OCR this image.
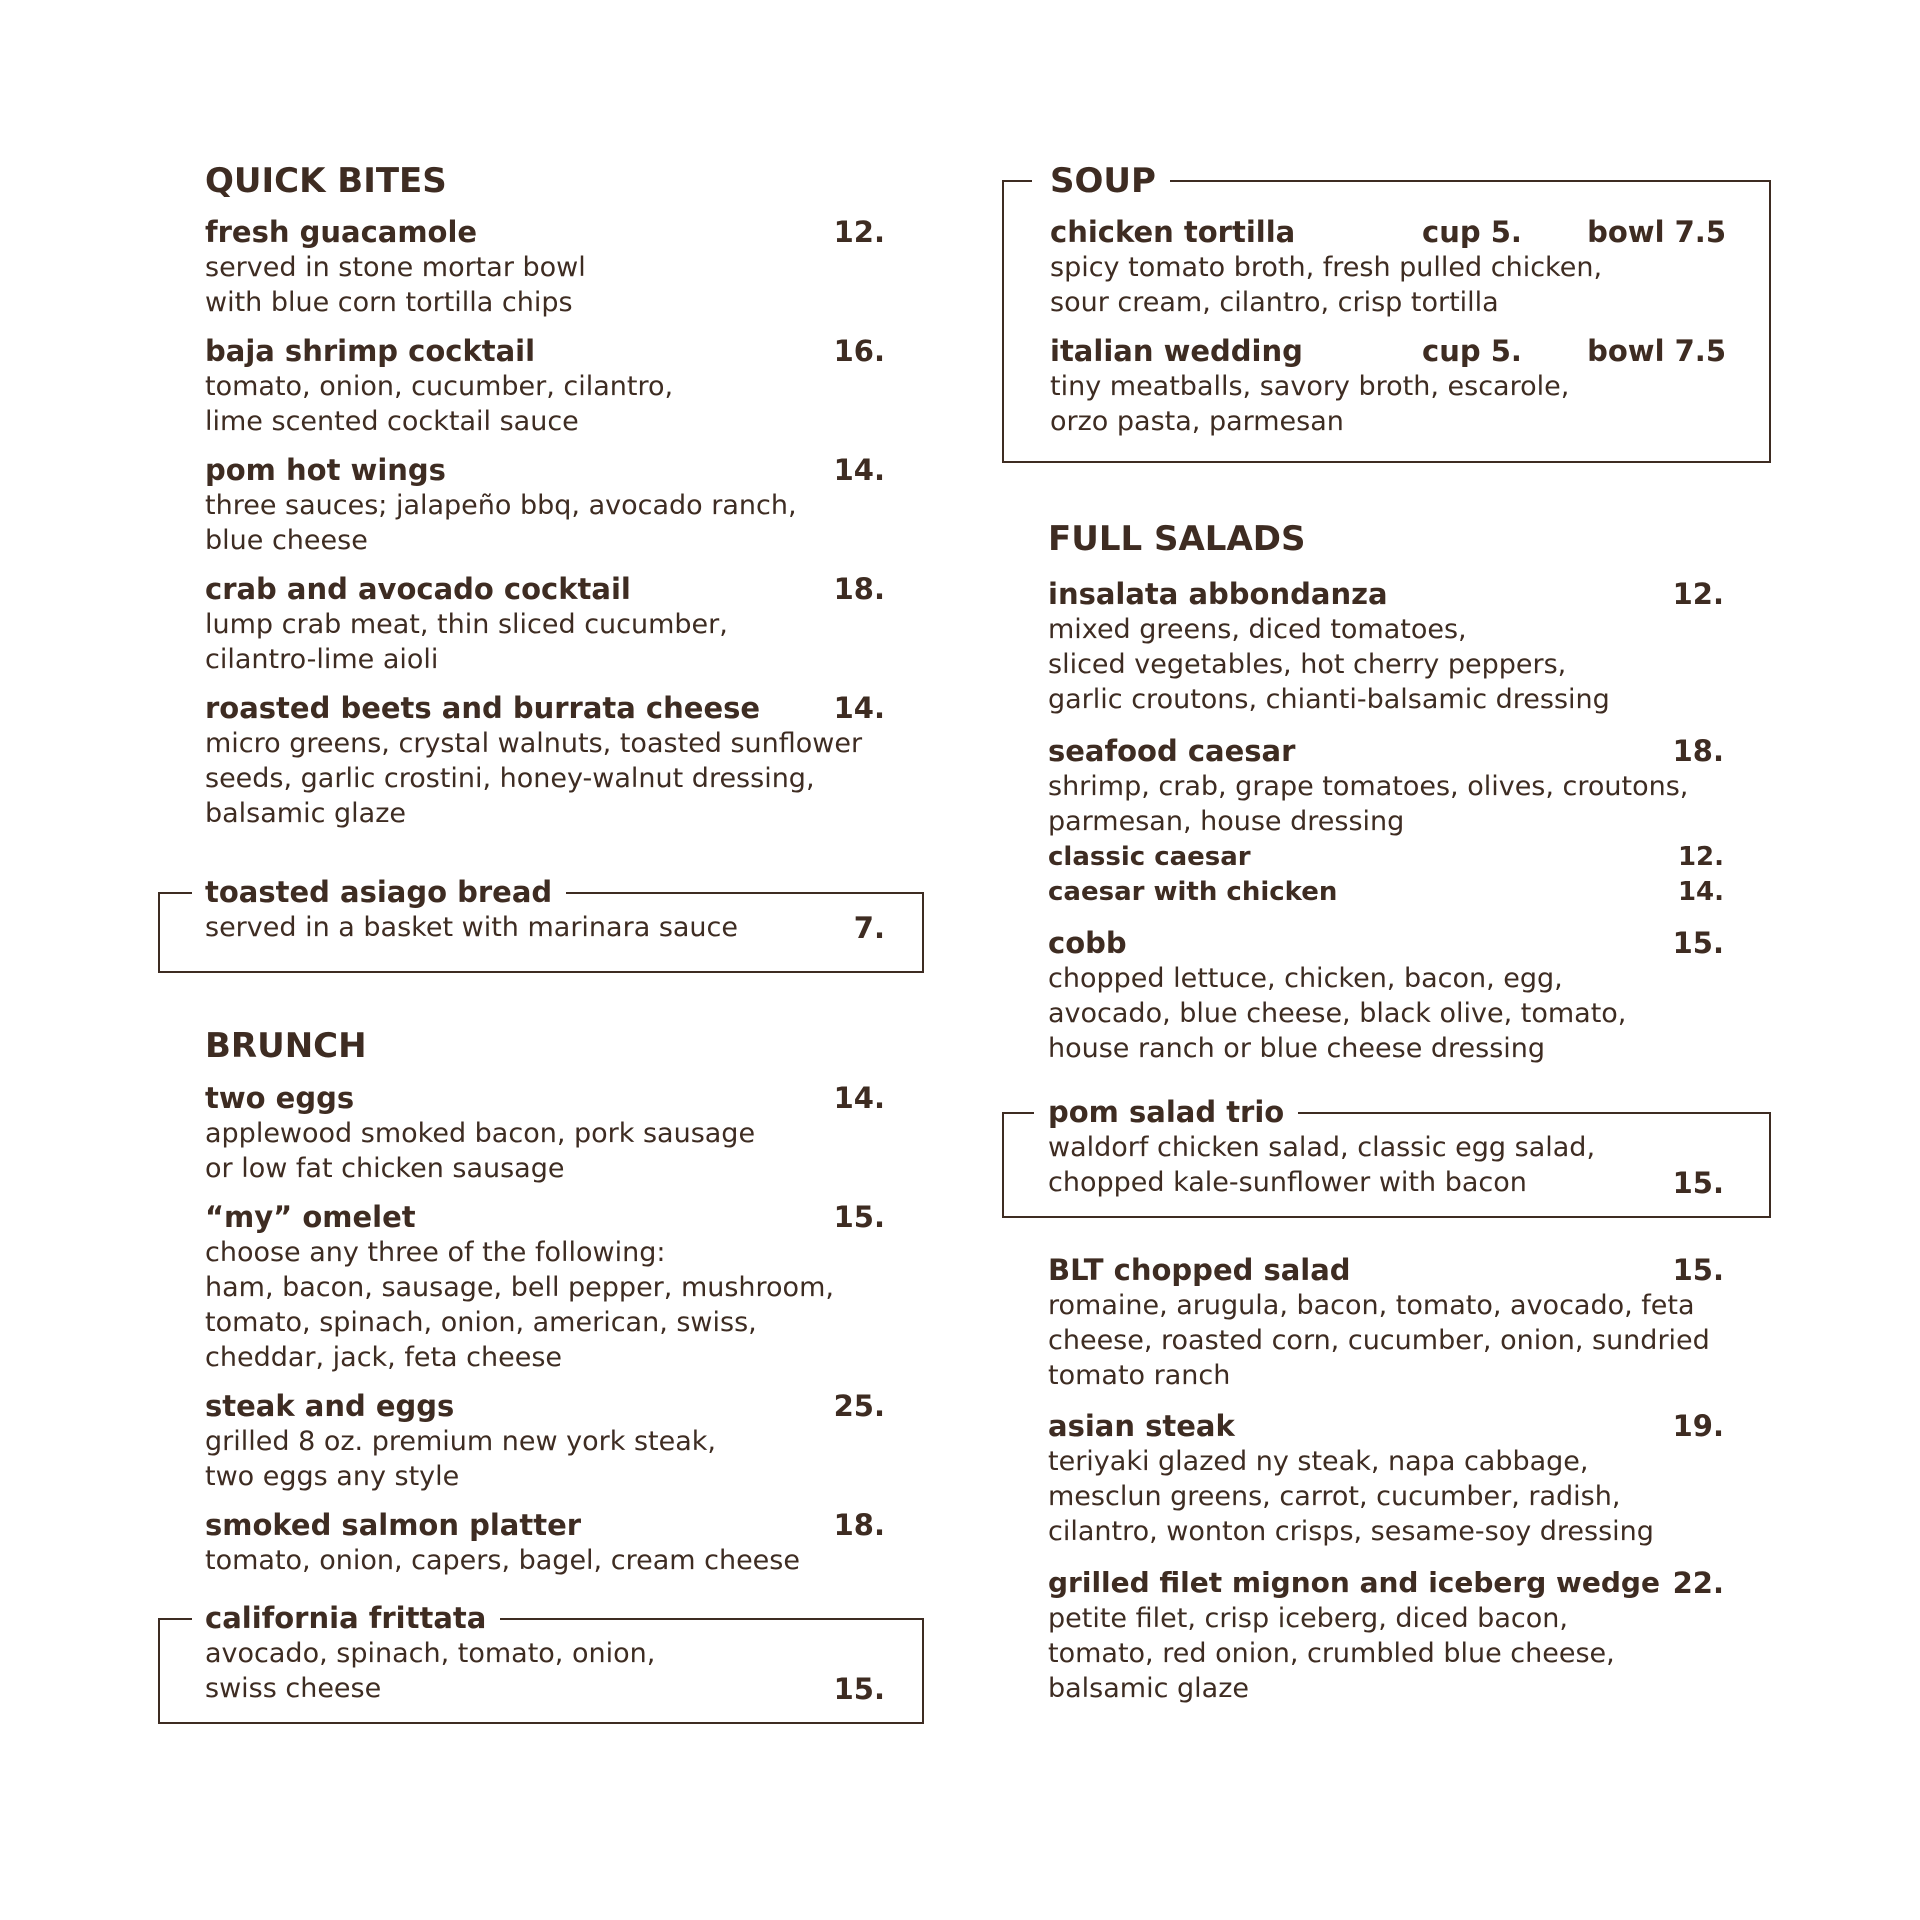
QUICK BITES
fresh guacamole	12.
served in stone mortar bowl
with blue corn tortilla chips
baja shrimp cocktail	16.
tomato, onion, cucumber, cilantro,
lime scented cocktail sauce
pom hot wings	14.
three sauces; jalapeño bbq, avocado ranch,
blue cheese
crab and avocado cocktail	18.
lump crab meat, thin sliced cucumber,
cilantro-lime aioli
roasted beets and burrata cheese	14.
micro greens, crystal walnuts, toasted sunflower
seeds, garlic crostini, honey-walnut dressing,
balsamic glaze
toasted asiago bread
served in a basket with marinara sauce	7.
BRUNCH
two eggs	14.
applewood smoked bacon, pork sausage
or low fat chicken sausage
“my” omelet	15.
choose any three of the following:
ham, bacon, sausage, bell pepper, mushroom,
tomato, spinach, onion, american, swiss,
cheddar, jack, feta cheese
steak and eggs	25.
grilled 8 oz. premium new york steak,
two eggs any style
smoked salmon platter	18.
tomato, onion, capers, bagel, cream cheese
california frittata
avocado, spinach, tomato, onion,
swiss cheese	15.
SOUP
chicken tortilla	cup 5. bowl 7.5
spicy tomato broth, fresh pulled chicken,
sour cream, cilantro, crisp tortilla
italian wedding	cup 5. bowl 7.5
tiny meatballs, savory broth, escarole,
orzo pasta, parmesan
FULL SALADS
insalata abbondanza	12.
mixed greens, diced tomatoes,
sliced vegetables, hot cherry peppers,
garlic croutons, chianti-balsamic dressing
seafood caesar	18.
shrimp, crab, grape tomatoes, olives, croutons,
parmesan, house dressing
classic caesar	12.
caesar with chicken	14.
cobb	15.
chopped lettuce, chicken, bacon, egg,
avocado, blue cheese, black olive, tomato,
house ranch or blue cheese dressing
pom salad trio
waldorf chicken salad, classic egg salad,
chopped kale-sunflower with bacon	15.
BLT chopped salad	15.
romaine, arugula, bacon, tomato, avocado, feta
cheese, roasted corn, cucumber, onion, sundried
tomato ranch
asian steak	19.
teriyaki glazed ny steak, napa cabbage,
mesclun greens, carrot, cucumber, radish,
cilantro, wonton crisps, sesame-soy dressing
grilled filet mignon and iceberg wedge 22.
petite filet, crisp iceberg, diced bacon,
tomato, red onion, crumbled blue cheese,
balsamic glaze
